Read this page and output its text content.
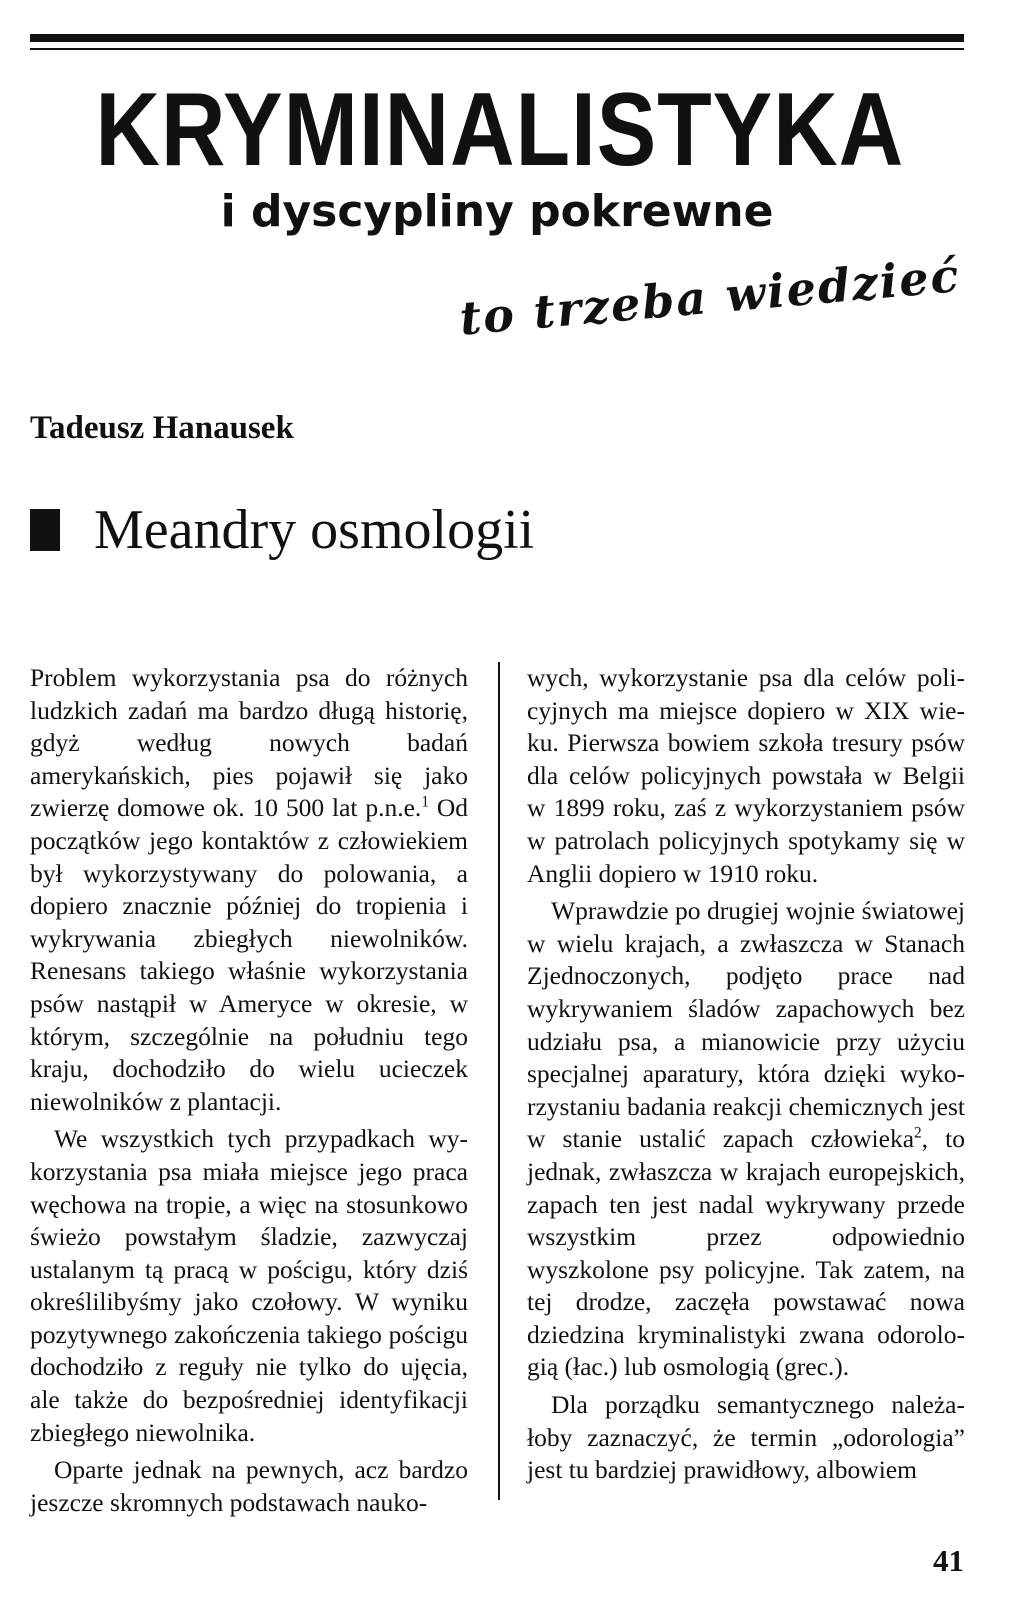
KRYMINALISTYKA
i dyscypliny pokrewne
to trzeba wiedzieć
Tadeusz Hanausek
Meandry osmologii

Problem wykorzystania psa do różnych ludzkich zadań ma bardzo długą historię, gdyż według nowych badań amerykańskich, pies pojawił się jako zwierzę domowe ok. 10 500 lat p.n.e.$^1$ Od początków jego kontaktów z człowiekiem był wykorzystywany do polowania, a dopiero znacznie później do tropienia i wykrywania zbiegłych niewolników. Renesans takiego właśnie wykorzystania psów nastąpił w Ameryce w okresie, w którym, szczególnie na południu tego kraju, dochodziło do wielu ucieczek niewolników z plantacji.

We wszystkich tych przypadkach wykorzystania psa miała miejsce jego praca węchowa na tropie, a więc na stosunkowo świeżo powstałym śladzie, zazwyczaj ustalanym tą pracą w pościgu, który dziś określilibyśmy jako czołowy. W wyniku pozytywnego zakończenia takiego pościgu dochodziło z reguły nie tylko do ujęcia, ale także do bezpośredniej identyfikacji zbiegłego niewolnika.

Oparte jednak na pewnych, acz bardzo jeszcze skromnych podstawach nauko-

wych, wykorzystanie psa dla celów policyjnych ma miejsce dopiero w XIX wieku. Pierwsza bowiem szkoła tresury psów dla celów policyjnych powstała w Belgii w 1899 roku, zaś z wykorzystaniem psów w patrolach policyjnych spotykamy się w Anglii dopiero w 1910 roku.

Wprawdzie po drugiej wojnie światowej w wielu krajach, a zwłaszcza w Stanach Zjednoczonych, podjęto prace nad wykrywaniem śladów zapachowych bez udziału psa, a mianowicie przy użyciu specjalnej aparatury, która dzięki wykorzystaniu badania reakcji chemicznych jest w stanie ustalić zapach człowieka$^2$, to jednak, zwłaszcza w krajach europejskich, zapach ten jest nadal wykrywany przede wszystkim przez odpowiednio wyszkolone psy policyjne. Tak zatem, na tej drodze, zaczęła powstawać nowa dziedzina kryminalistyki zwana odorologią (łac.) lub osmologią (grec.).

Dla porządku semantycznego należałoby zaznaczyć, że termin „odorologia” jest tu bardziej prawidłowy, albowiem

41
